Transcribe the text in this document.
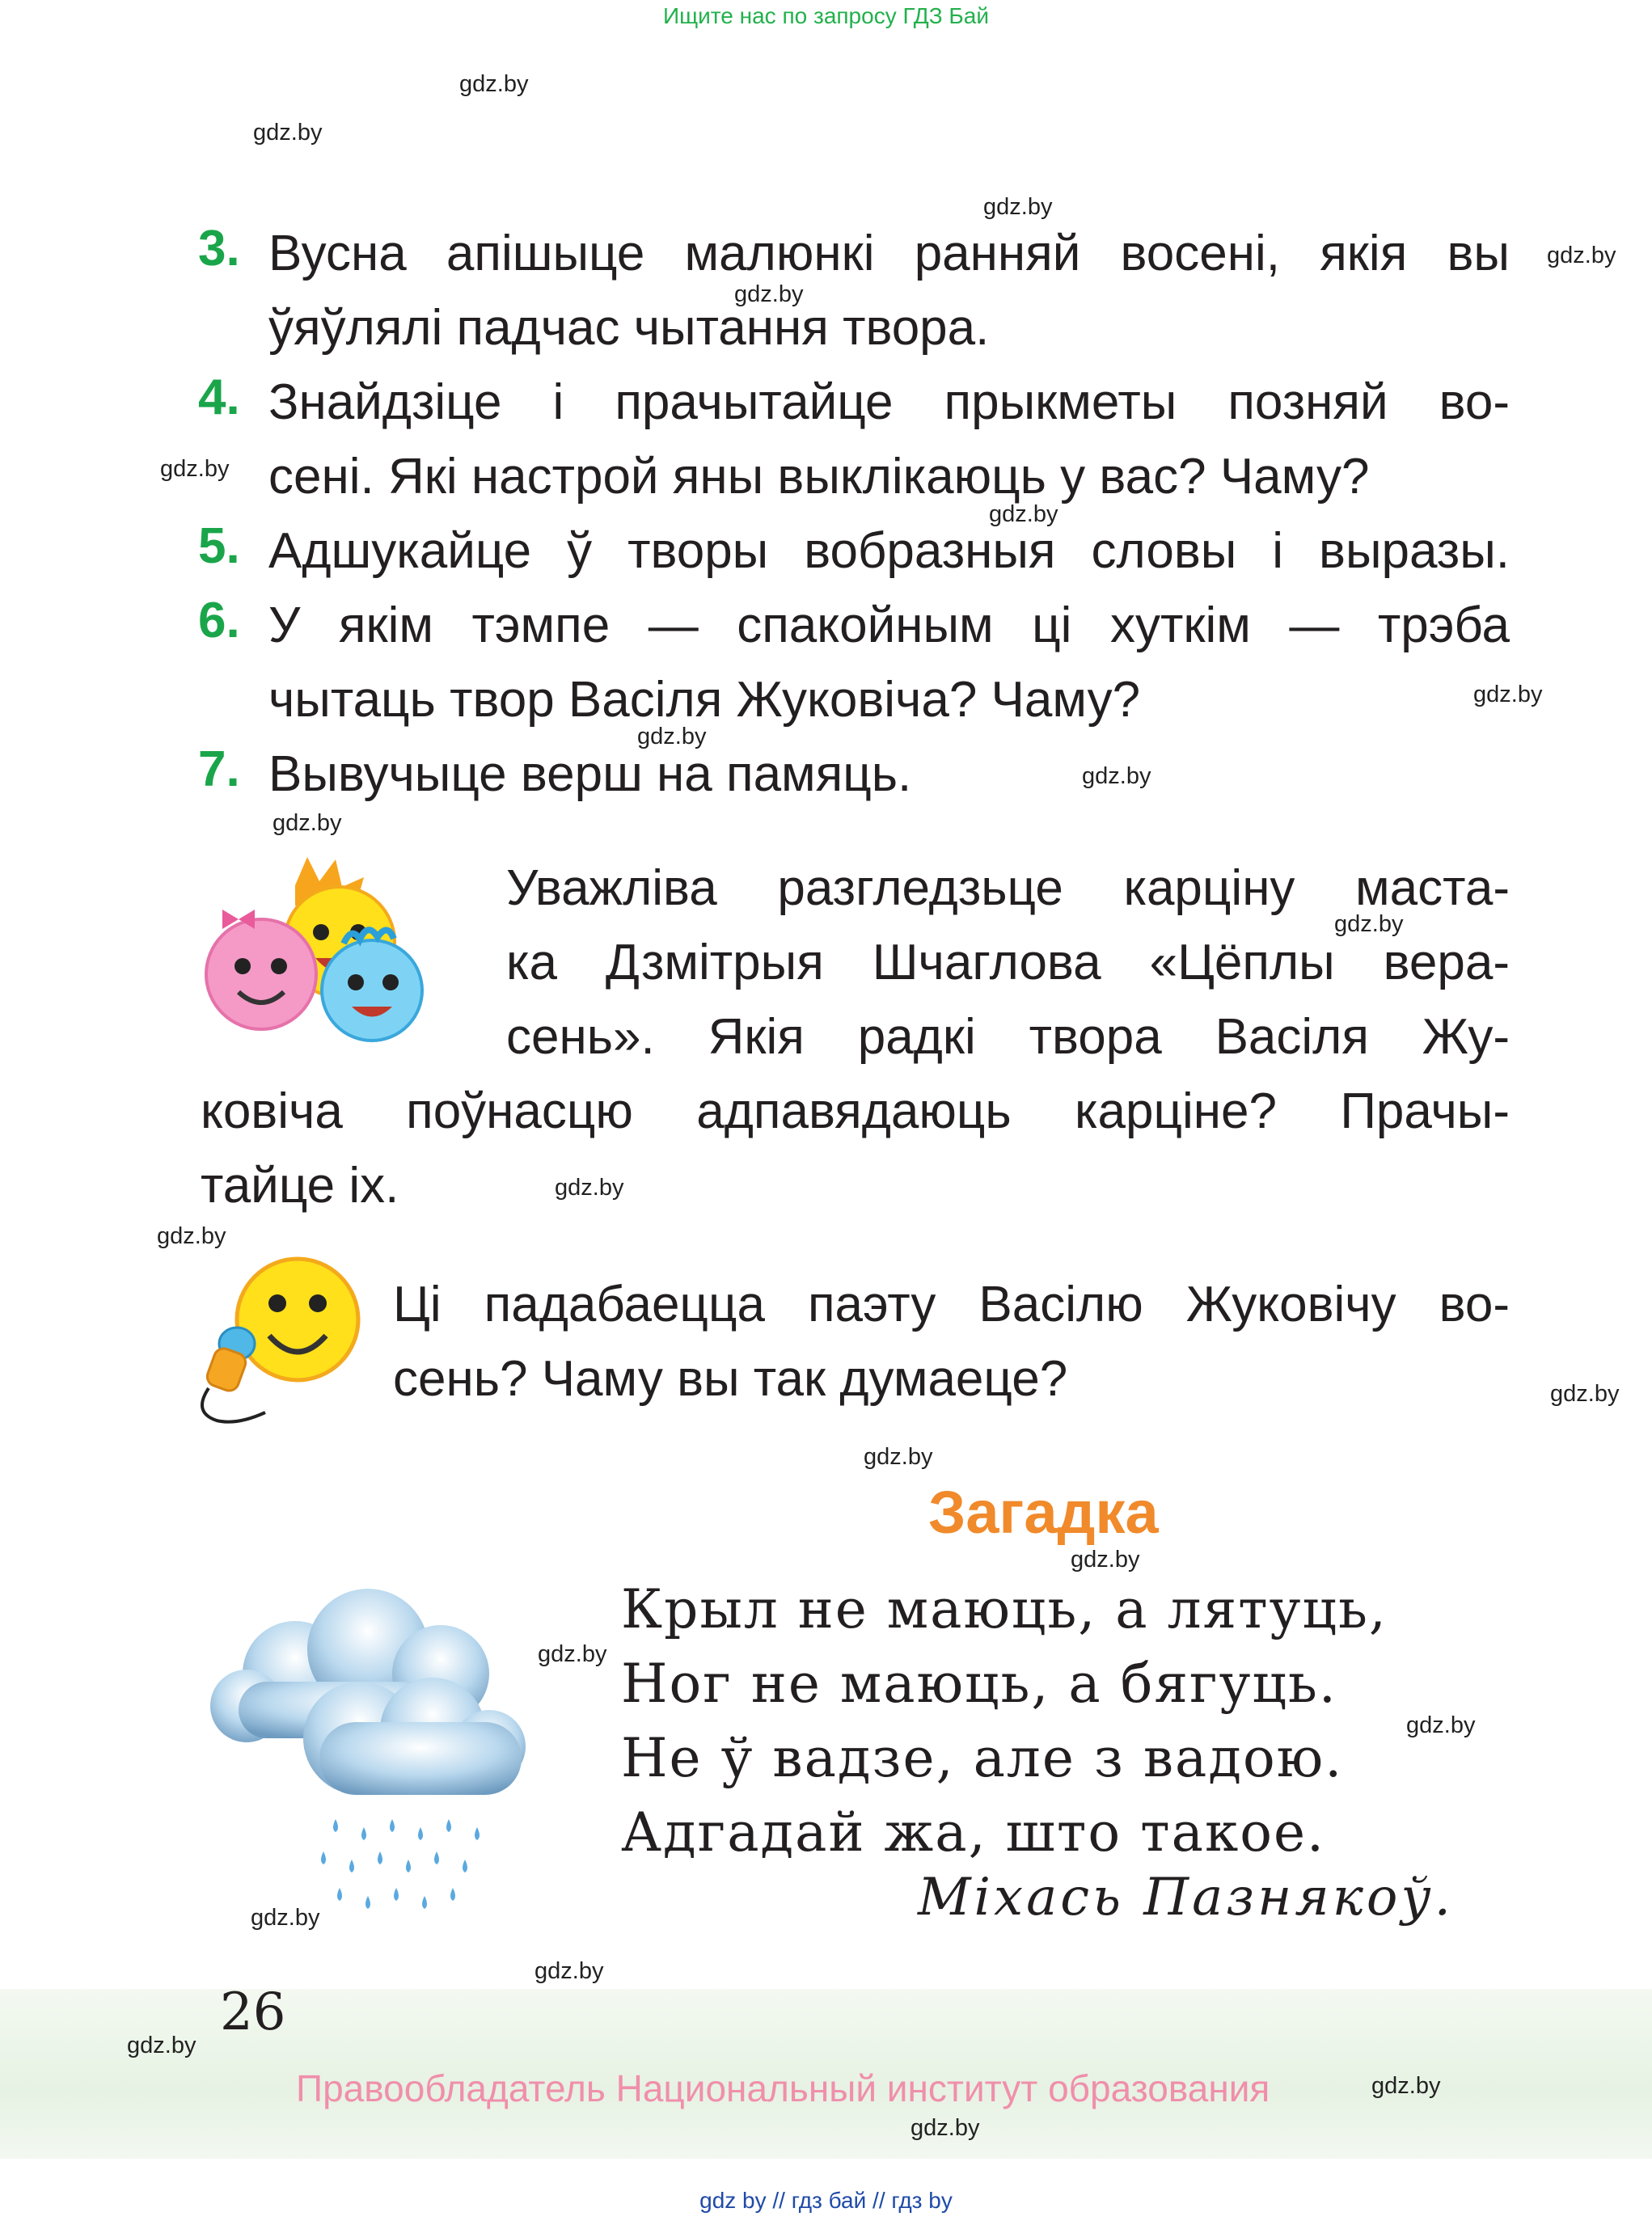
Ищите нас по запросу ГДЗ Бай
gdz.by
gdz.by
gdz.by
gdz.by
gdz.by
gdz.by
gdz.by
gdz.by
gdz.by
gdz.by
gdz.by
gdz.by
gdz.by
gdz.by
gdz.by
gdz.by
gdz.by
gdz.by
gdz.by
gdz.by
gdz.by
3. Вусна апішыце малюнкі ранняй восені, якія вы
ўяўлялі падчас чытання твора.
4. Знайдзіце і прачытайце прыкметы позняй во-
сені. Які настрой яны выклікаюць у вас? Чаму?
5. Адшукайце ў творы вобразныя словы і выразы.
6. У якім тэмпе — спакойным ці хуткім — трэба
чытаць твор Васіля Жуковіча? Чаму?
7. Вывучыце верш на памяць.
Уважліва разгледзьце карціну маста-
ка Дзмітрыя Шчаглова «Цёплы вера-
сень». Якія радкі твора Васіля Жу-
ковіча поўнасцю адпавядаюць карціне? Прачы-
тайце іх.
Ці падабаецца паэту Васілю Жуковічу во-
сень? Чаму вы так думаеце?
Загадка
Крыл не маюць, а лятуць,
Ног не маюць, а бягуць.
Не ў вадзе, але з вадою.
Адгадай жа, што такое.
Міхась Пазнякоў.
26
gdz.by
Правообладатель Национальный институт образования	gdz.by
gdz.by
gdz by // гдз бай // гдз by
